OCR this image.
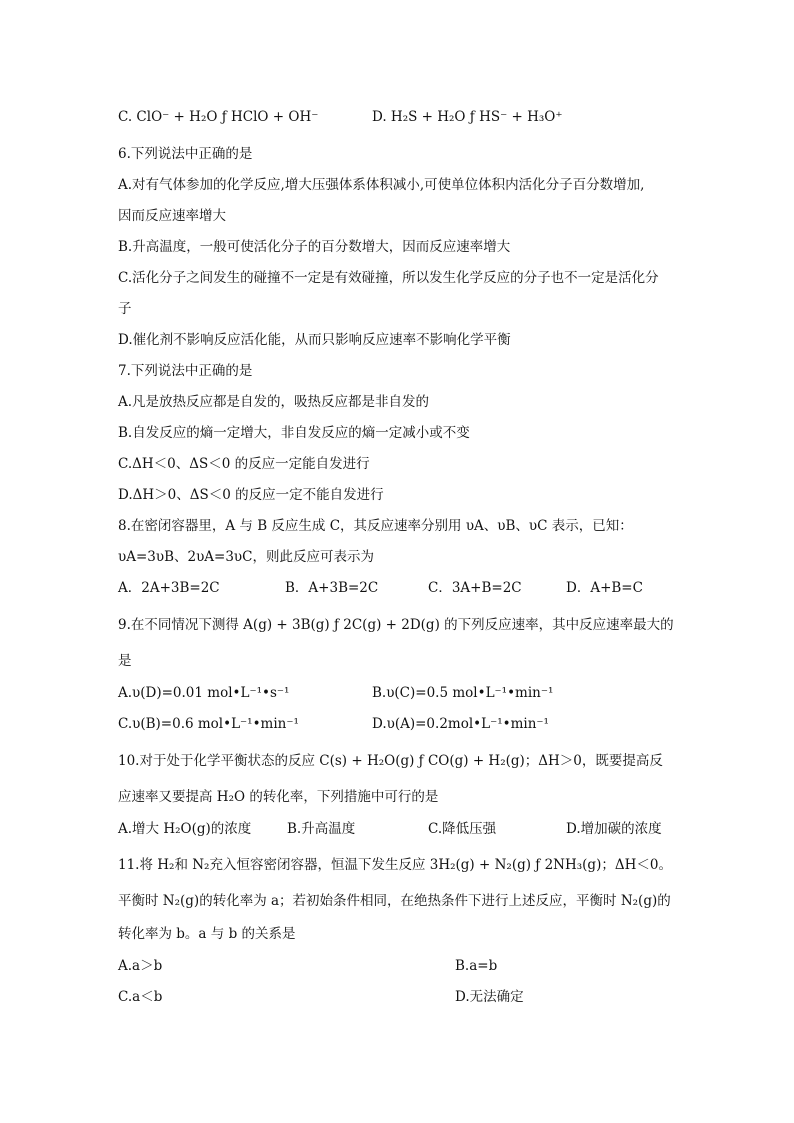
C. ClO⁻ + H₂O ƒ HClO + OH⁻	D. H₂S + H₂O ƒ HS⁻ + H₃O⁺
6.下列说法中正确的是
A.对有气体参加的化学反应,增大压强体系体积减小,可使单位体积内活化分子百分数增加,
因而反应速率增大
B.升高温度，一般可使活化分子的百分数增大，因而反应速率增大
C.活化分子之间发生的碰撞不一定是有效碰撞，所以发生化学反应的分子也不一定是活化分
子
D.催化剂不影响反应活化能，从而只影响反应速率不影响化学平衡
7.下列说法中正确的是
A.凡是放热反应都是自发的，吸热反应都是非自发的
B.自发反应的熵一定增大，非自发反应的熵一定减小或不变
C.ΔH＜0、ΔS＜0 的反应一定能自发进行
D.ΔH＞0、ΔS＜0 的反应一定不能自发进行
8.在密闭容器里，A 与 B 反应生成 C，其反应速率分别用 υA、υB、υC 表示，已知：
υA=3υB、2υA=3υC，则此反应可表示为
A．2A+3B=2C	B．A+3B=2C	C．3A+B=2C	D．A+B=C
9.在不同情况下测得 A(g) + 3B(g) ƒ 2C(g) + 2D(g) 的下列反应速率，其中反应速率最大的
是
A.υ(D)=0.01 mol•L⁻¹•s⁻¹	B.υ(C)=0.5 mol•L⁻¹•min⁻¹
C.υ(B)=0.6 mol•L⁻¹•min⁻¹	D.υ(A)=0.2mol•L⁻¹•min⁻¹
10.对于处于化学平衡状态的反应 C(s) + H₂O(g) ƒ CO(g) + H₂(g)；ΔH＞0，既要提高反
应速率又要提高 H₂O 的转化率，下列措施中可行的是
A.增大 H₂O(g)的浓度	B.升高温度	C.降低压强	D.增加碳的浓度
11.将 H₂和 N₂充入恒容密闭容器，恒温下发生反应 3H₂(g) + N₂(g) ƒ 2NH₃(g)；ΔH＜0。
平衡时 N₂(g)的转化率为 a；若初始条件相同，在绝热条件下进行上述反应，平衡时 N₂(g)的
转化率为 b。a 与 b 的关系是
A.a＞b	B.a=b
C.a＜b	D.无法确定
